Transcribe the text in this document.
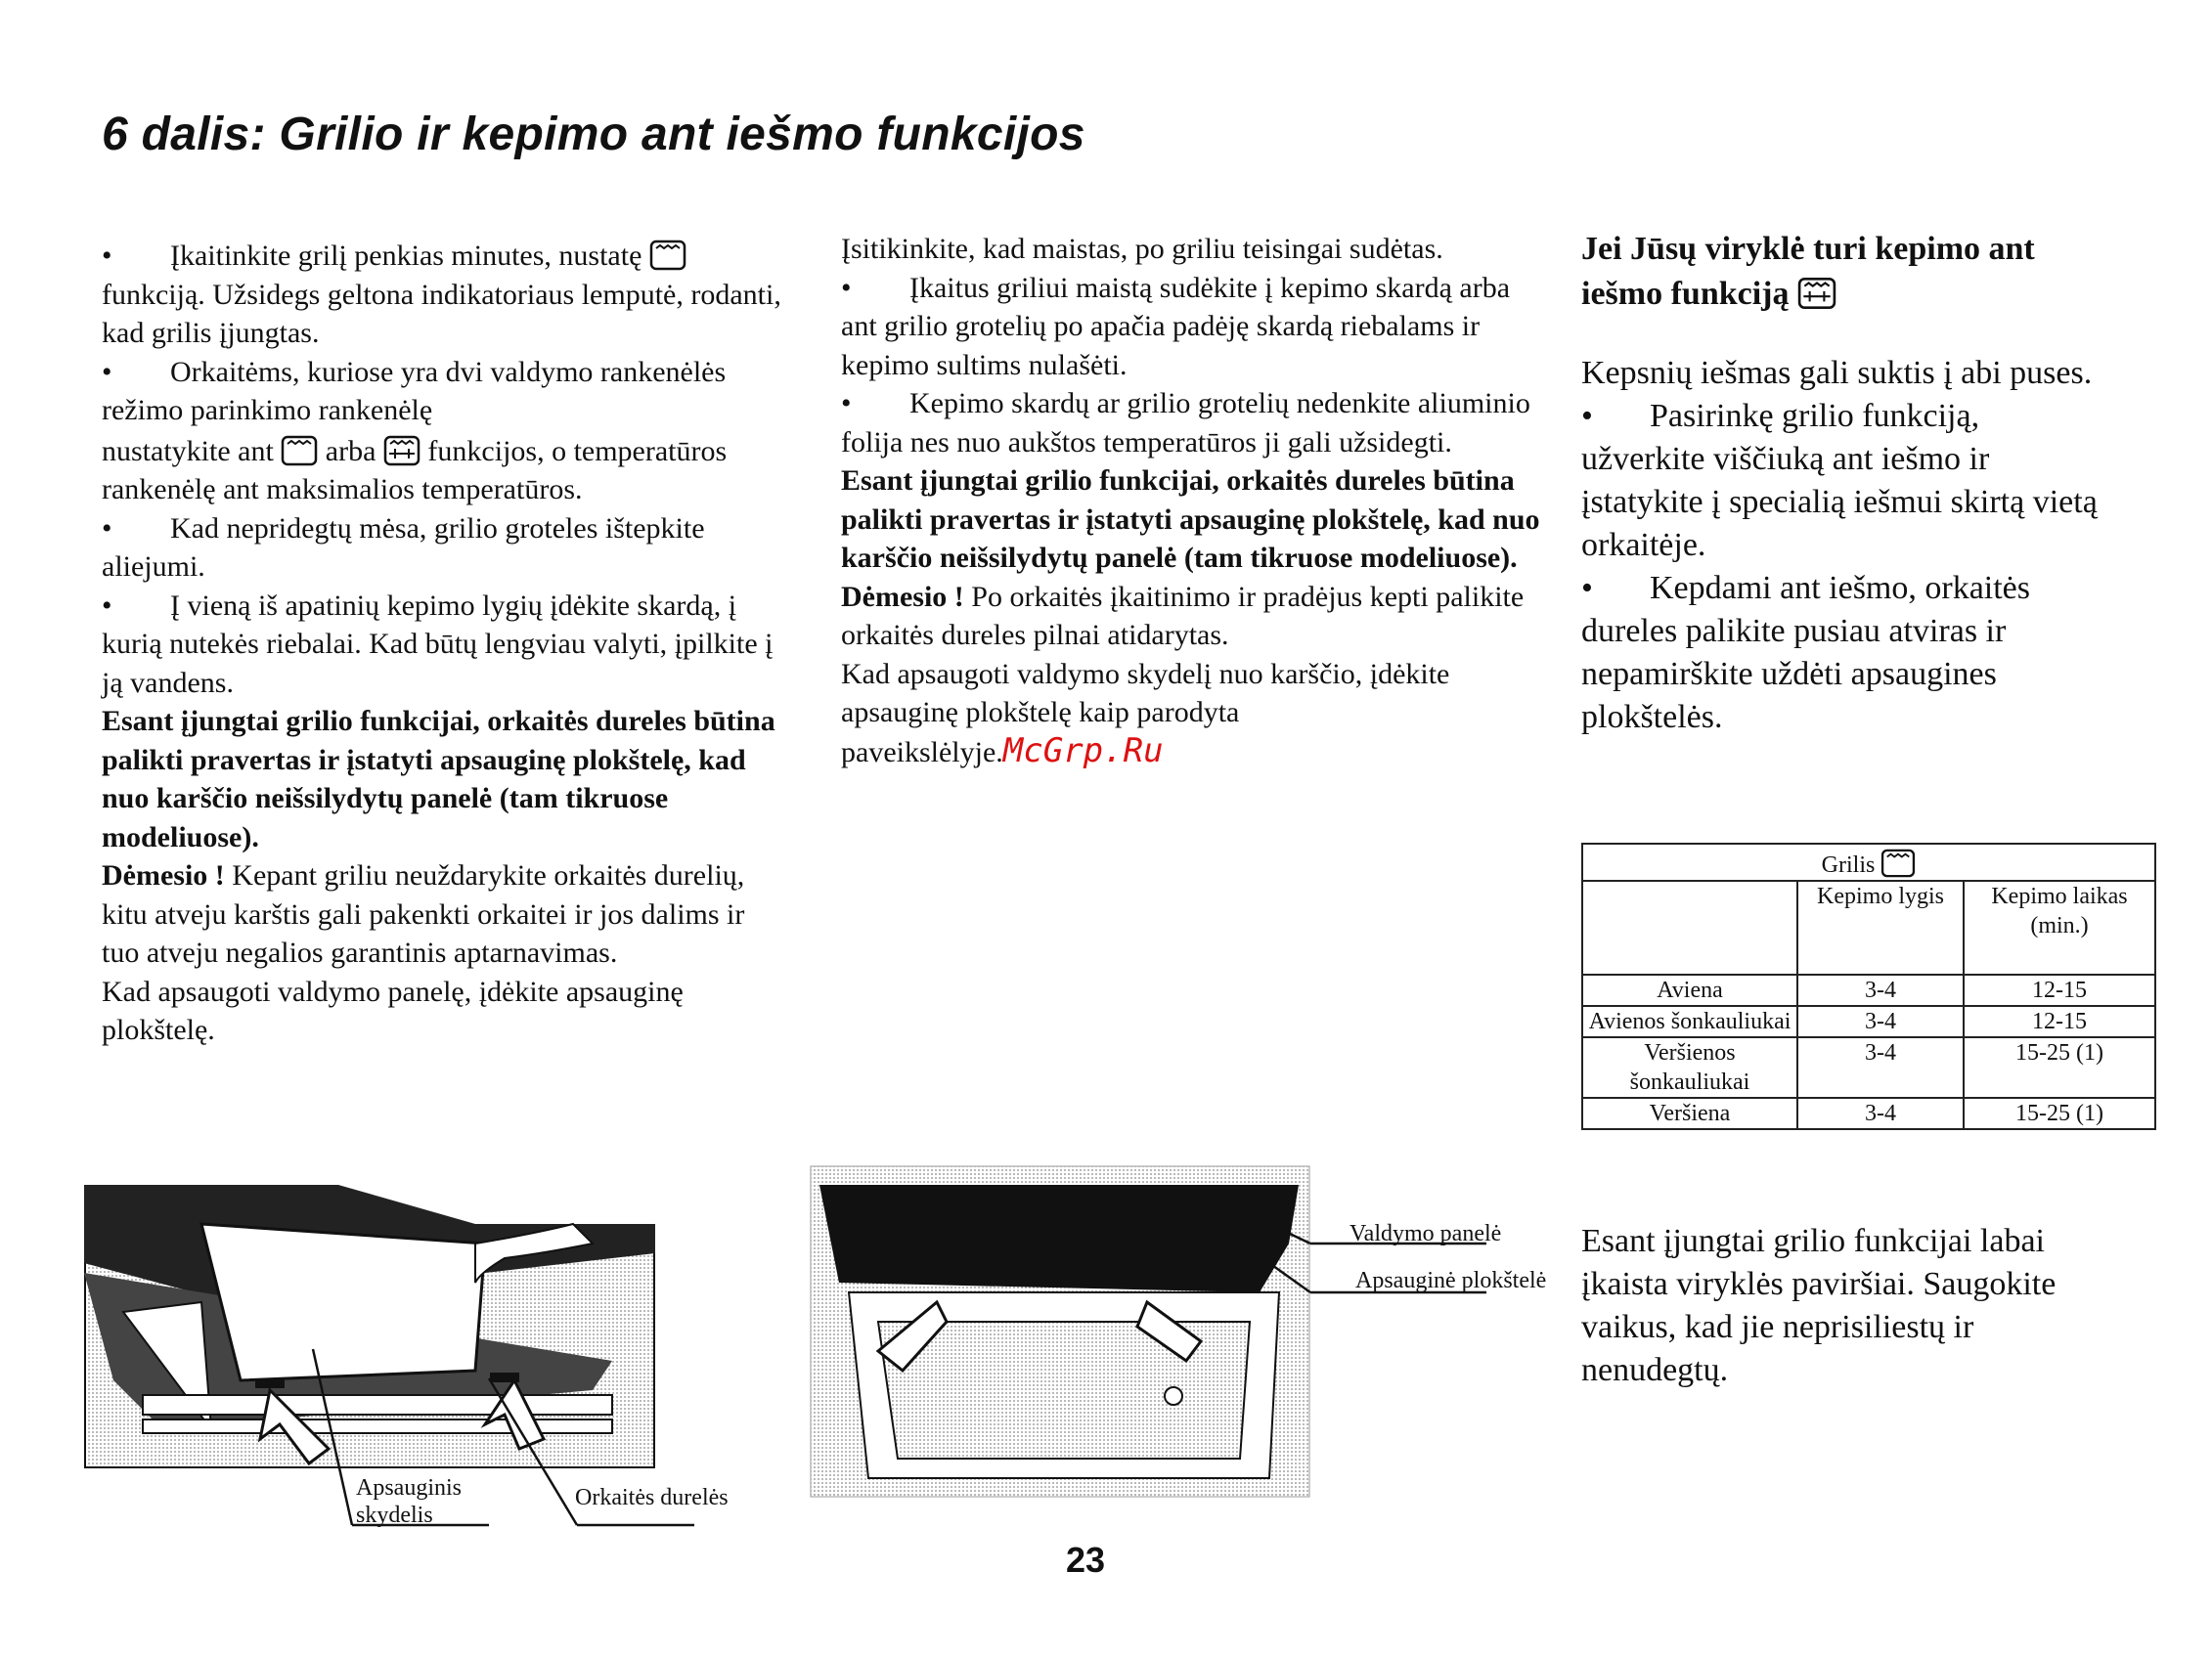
6 dalis: Grilio ir kepimo ant iešmo funkcijos

• Įkaitinkite grilį penkias minutes, nustatę

funkciją. Užsidegs geltona indikatoriaus lemputė, rodanti, kad grilis įjungtas.

• Orkaitėms, kuriose yra dvi valdymo rankenėlės režimo parinkimo rankenėlę

nustatykite ant arba funkcijos, o temperatūros rankenėlę ant maksimalios temperatūros.

• Kad nepridegtų mėsa, grilio groteles ištepkite aliejumi.

• Į vieną iš apatinių kepimo lygių įdėkite skardą, į kurią nutekės riebalai. Kad būtų lengviau valyti, įpilkite į ją vandens.

Esant įjungtai grilio funkcijai, orkaitės dureles būtina palikti pravertas ir įstatyti apsauginę plokštelę, kad nuo karščio neišsilydytų panelė (tam tikruose modeliuose).

Dėmesio ! Kepant griliu neuždarykite orkaitės durelių, kitu atveju karštis gali pakenkti orkaitei ir jos dalims ir tuo atveju negalios garantinis aptarnavimas.

Kad apsaugoti valdymo panelę, įdėkite apsauginę plokštelę.

Įsitikinkite, kad maistas, po griliu teisingai sudėtas.

• Įkaitus griliui maistą sudėkite į kepimo skardą arba ant grilio grotelių po apačia padėję skardą riebalams ir kepimo sultims nulašėti.

• Kepimo skardų ar grilio grotelių nedenkite aliuminio folija nes nuo aukštos temperatūros ji gali užsidegti.

Esant įjungtai grilio funkcijai, orkaitės dureles būtina palikti pravertas ir įstatyti apsauginę plokštelę, kad nuo karščio neišsilydytų panelė (tam tikruose modeliuose).

Dėmesio ! Po orkaitės įkaitinimo ir pradėjus kepti palikite orkaitės dureles pilnai atidarytas.

Kad apsaugoti valdymo skydelį nuo karščio, įdėkite apsauginę plokštelę kaip parodyta paveikslėlyje.McGrp.Ru

Jei Jūsų viryklė turi kepimo ant
iešmo funkciją
Kepsnių iešmas gali suktis į abi puses.
• Pasirinkę grilio funkciją, užverkite viščiuką ant iešmo ir įstatykite į specialią iešmui skirtą vietą orkaitėje.
• Kepdami ant iešmo, orkaitės dureles palikite pusiau atviras ir nepamirškite uždėti apsaugines plokštelės.
Grilis		
	Kepimo lygis	Kepimo laikas (min.)
Aviena	3-4	12-15
Avienos šonkauliukai	3-4	12-15
Veršienos šonkauliukai	3-4	15-25 (1)
Veršiena	3-4	15-25 (1)
Esant įjungtai grilio funkcijai labai įkaista viryklės paviršiai. Saugokite vaikus, kad jie neprisiliestų ir nenudegtų.
Apsauginis skydelis
Orkaitės durelės
Valdymo panelė
Apsauginė plokštelė
23
